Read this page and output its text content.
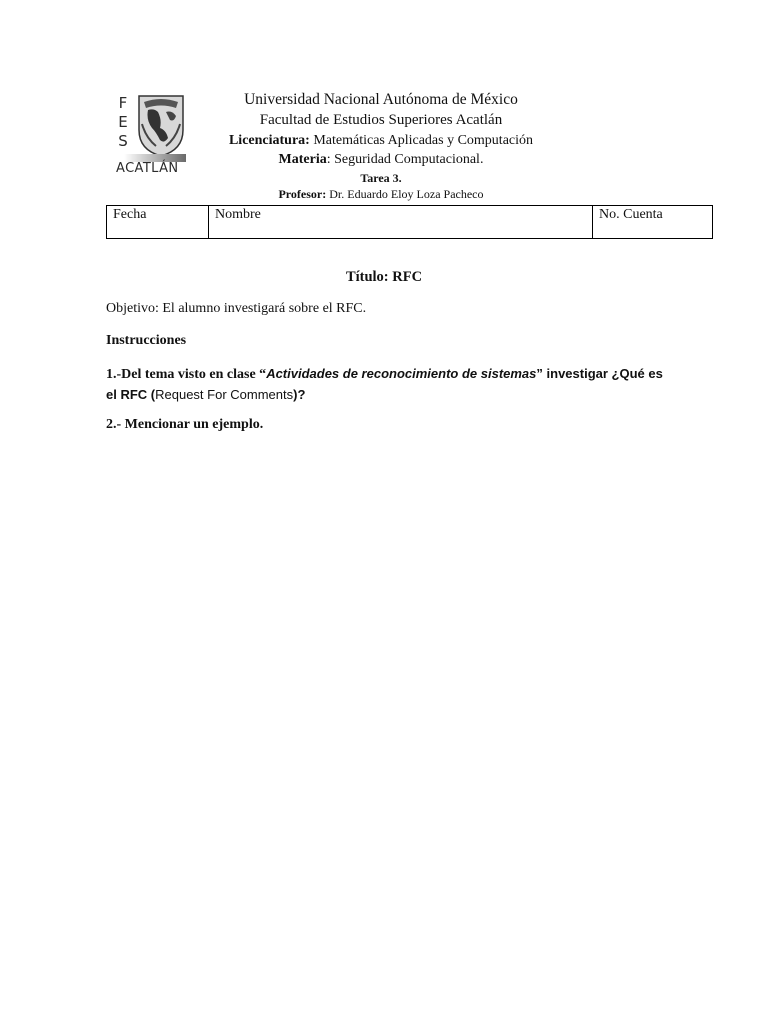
F
E
S
ACATLÁN
Universidad Nacional Autónoma de México
Facultad de Estudios Superiores Acatlán
Licenciatura: Matemáticas Aplicadas y Computación
Materia: Seguridad Computacional.
Tarea 3.
Profesor: Dr. Eduardo Eloy Loza Pacheco
Fecha	Nombre	No. Cuenta
Título: RFC
Objetivo: El alumno investigará sobre el RFC.
Instrucciones
1.-Del tema visto en clase “Actividades de reconocimiento de sistemas” investigar ¿Qué es el RFC (Request For Comments)?
2.- Mencionar un ejemplo.
